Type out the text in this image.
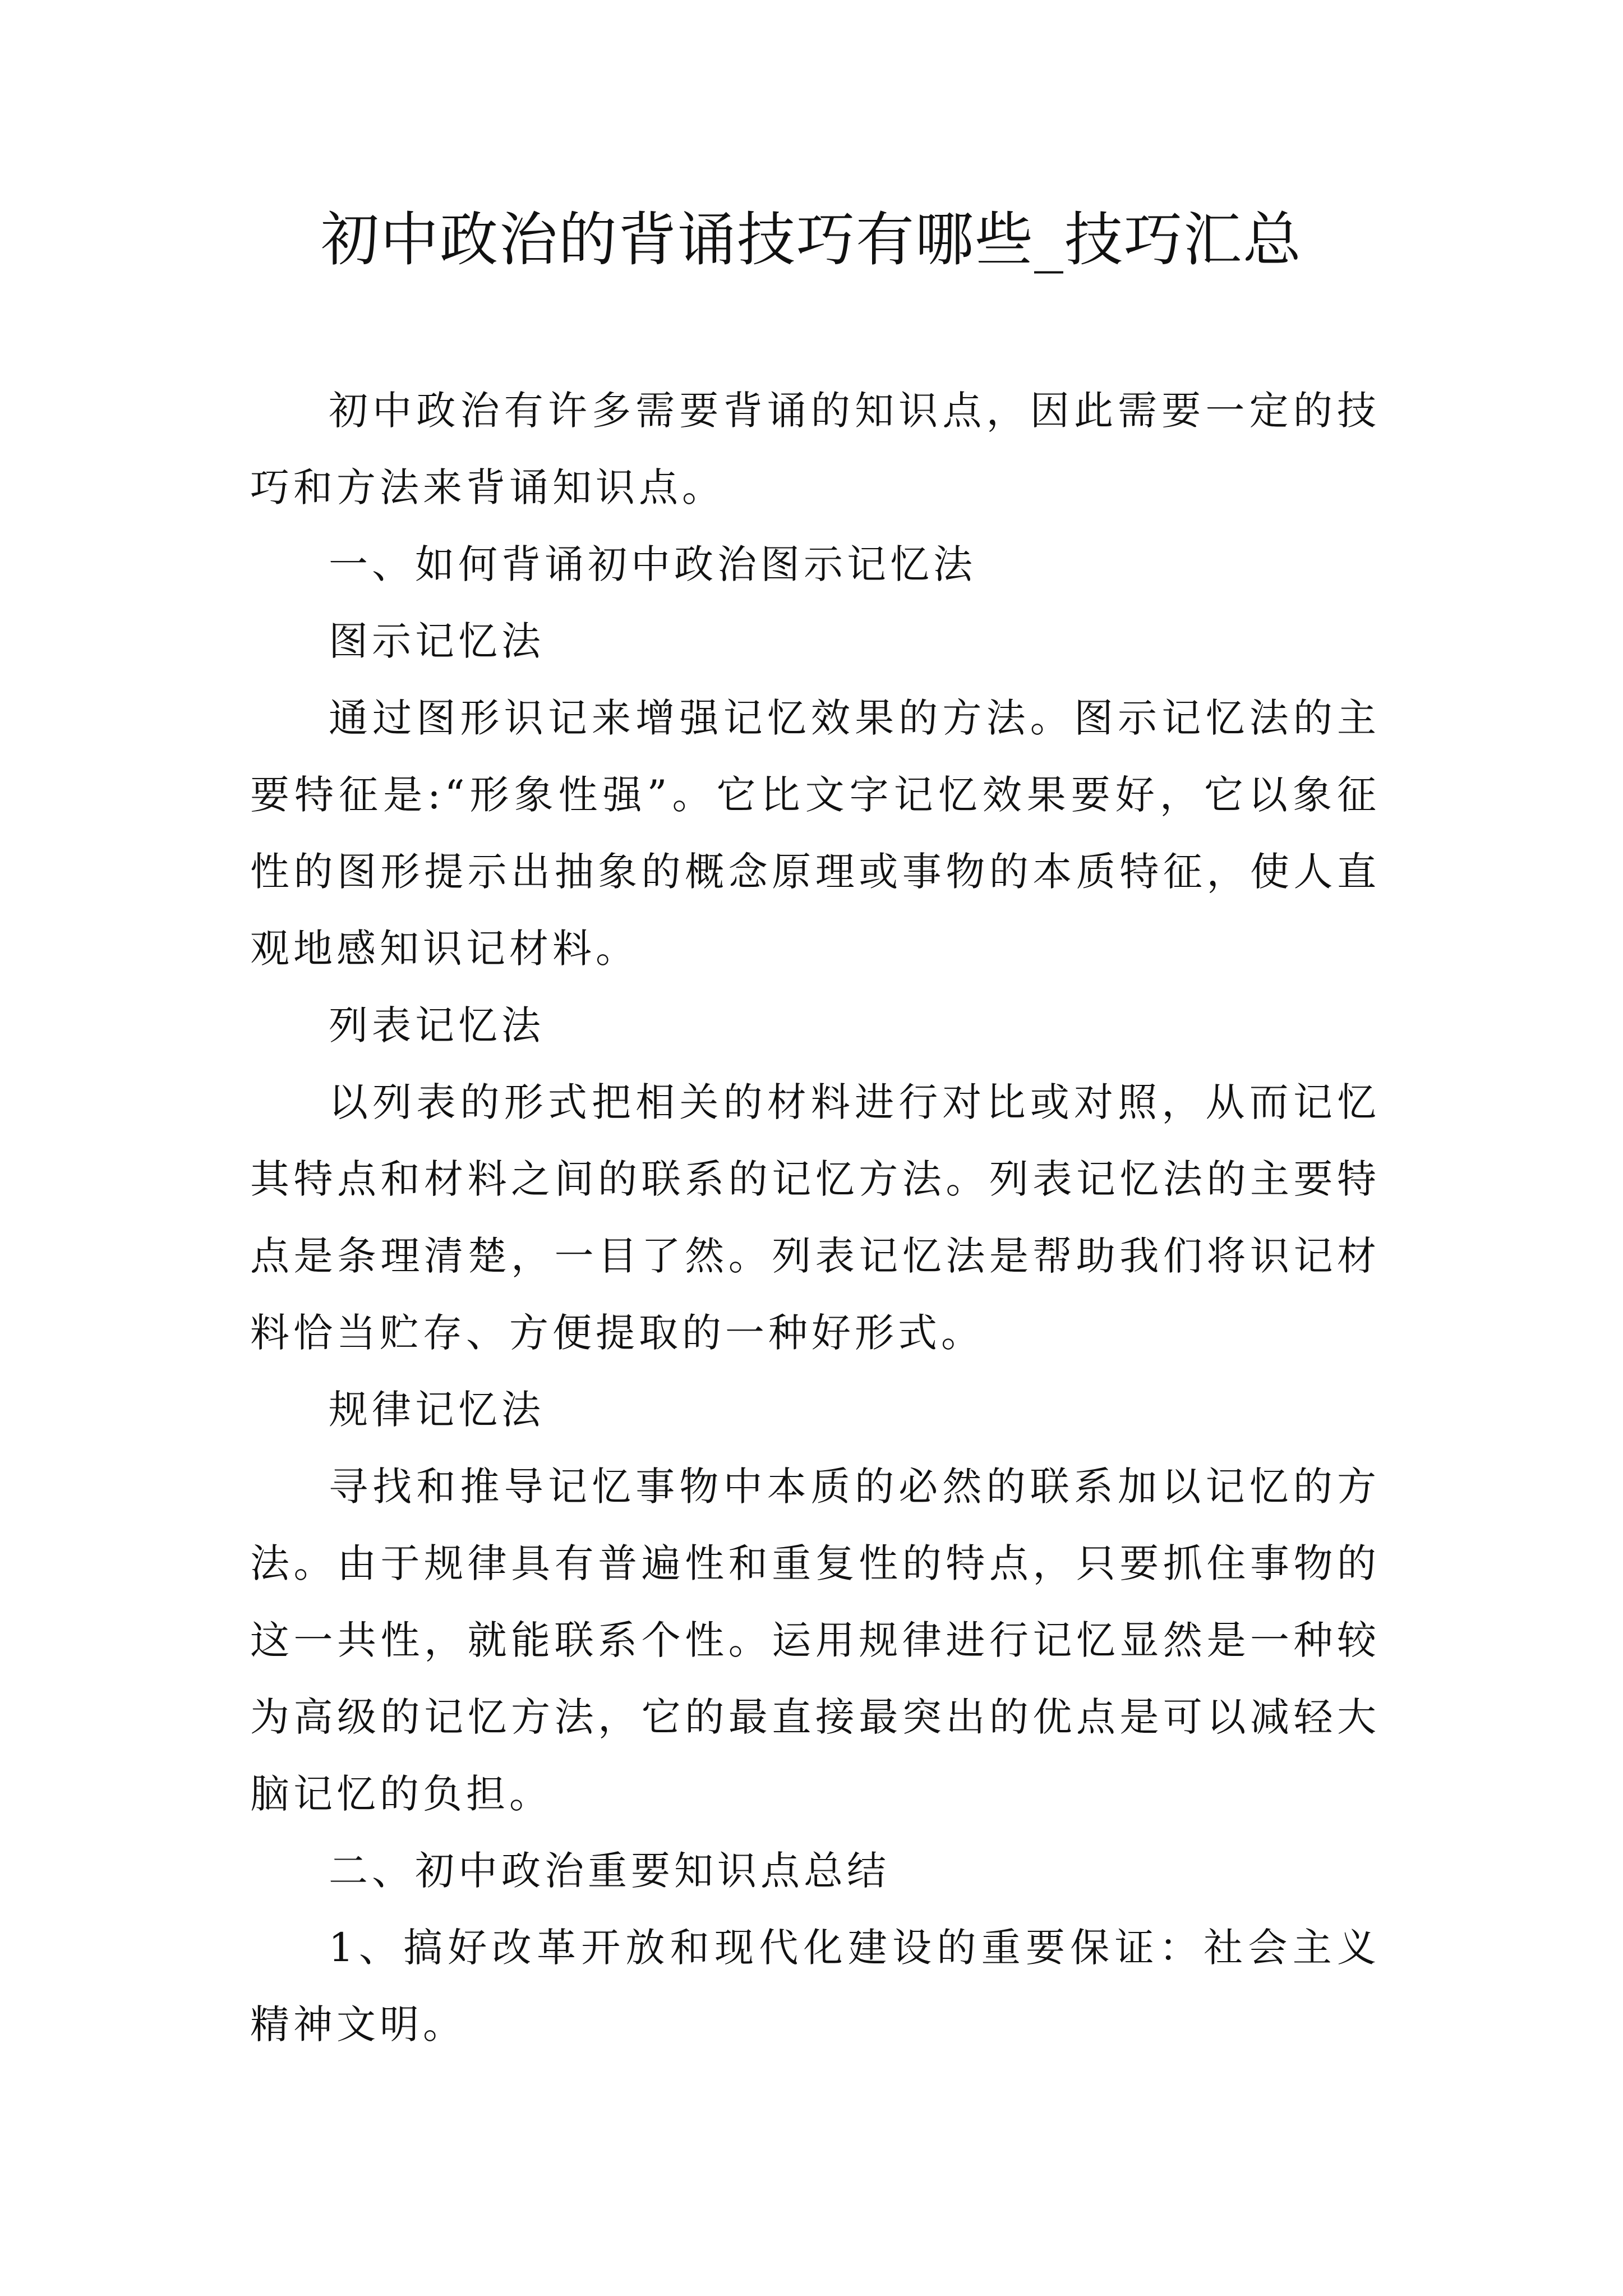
初中政治的背诵技巧有哪些_技巧汇总

初中政治有许多需要背诵的知识点，因此需要一定的技巧和方法来背诵知识点。

一、如何背诵初中政治图示记忆法

图示记忆法

通过图形识记来增强记忆效果的方法。图示记忆法的主要特征是:“形象性强”。它比文字记忆效果要好，它以象征性的图形提示出抽象的概念原理或事物的本质特征，使人直观地感知识记材料。

列表记忆法

以列表的形式把相关的材料进行对比或对照，从而记忆其特点和材料之间的联系的记忆方法。列表记忆法的主要特点是条理清楚，一目了然。列表记忆法是帮助我们将识记材料恰当贮存、方便提取的一种好形式。

规律记忆法

寻找和推导记忆事物中本质的必然的联系加以记忆的方法。由于规律具有普遍性和重复性的特点，只要抓住事物的这一共性，就能联系个性。运用规律进行记忆显然是一种较为高级的记忆方法，它的最直接最突出的优点是可以减轻大脑记忆的负担。

二、初中政治重要知识点总结

1、搞好改革开放和现代化建设的重要保证：社会主义精神文明。
